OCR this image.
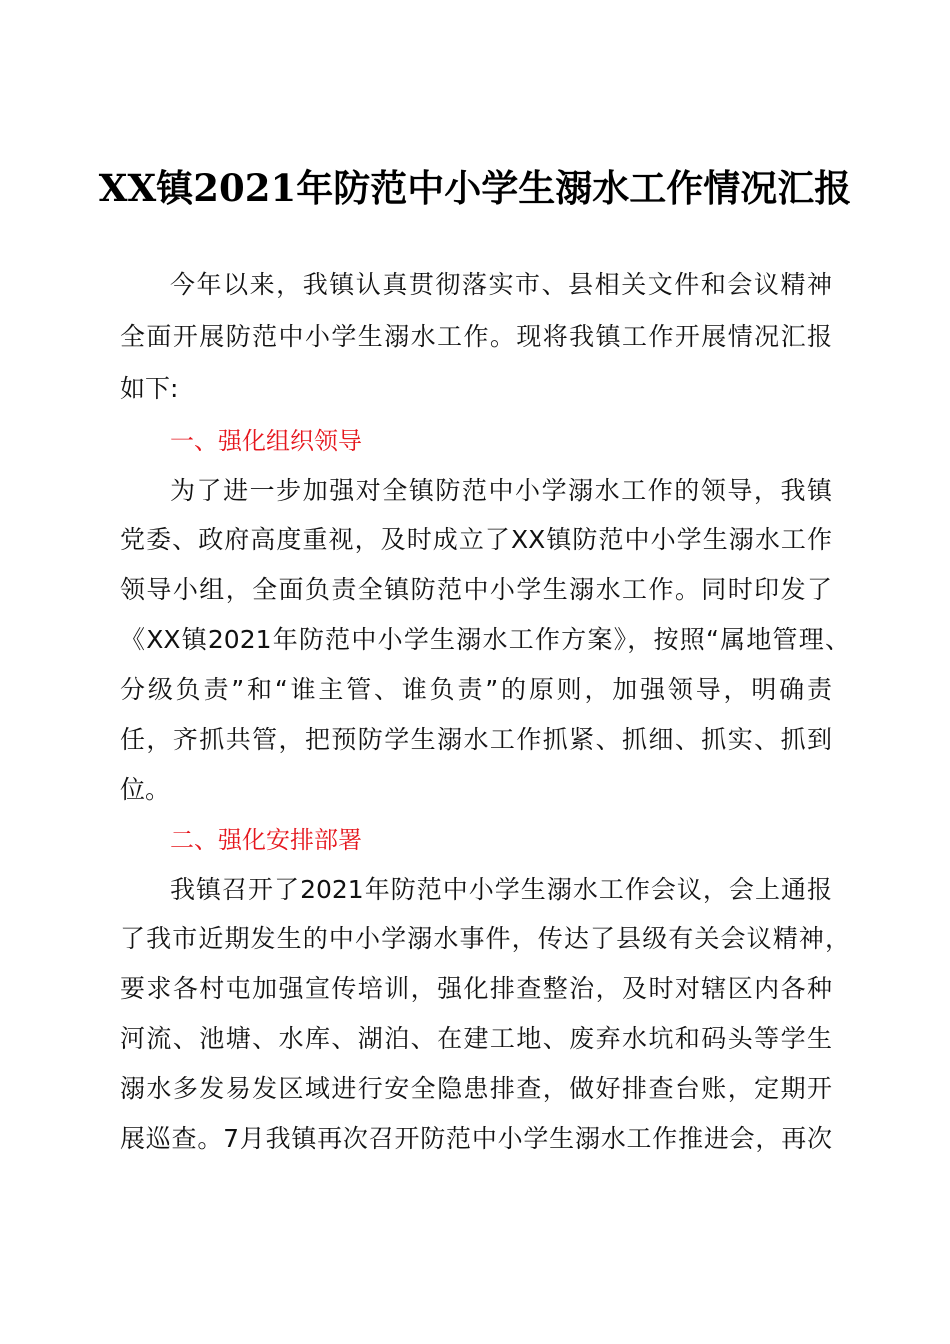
XX镇2021年防范中小学生溺水工作情况汇报
今年以来，我镇认真贯彻落实市、县相关文件和会议精神
全面开展防范中小学生溺水工作。现将我镇工作开展情况汇报
如下:
一、强化组织领导
为了进一步加强对全镇防范中小学溺水工作的领导，我镇
党委、政府高度重视，及时成立了XX镇防范中小学生溺水工作
领导小组，全面负责全镇防范中小学生溺水工作。同时印发了
《XX镇2021年防范中小学生溺水工作方案》，按照“属地管理、
分级负责”和“谁主管、谁负责”的原则，加强领导，明确责
任，齐抓共管，把预防学生溺水工作抓紧、抓细、抓实、抓到
位。
二、强化安排部署
我镇召开了2021年防范中小学生溺水工作会议，会上通报
了我市近期发生的中小学溺水事件，传达了县级有关会议精神，
要求各村屯加强宣传培训，强化排查整治，及时对辖区内各种
河流、池塘、水库、湖泊、在建工地、废弃水坑和码头等学生
溺水多发易发区域进行安全隐患排查，做好排查台账，定期开
展巡查。7月我镇再次召开防范中小学生溺水工作推进会，再次
